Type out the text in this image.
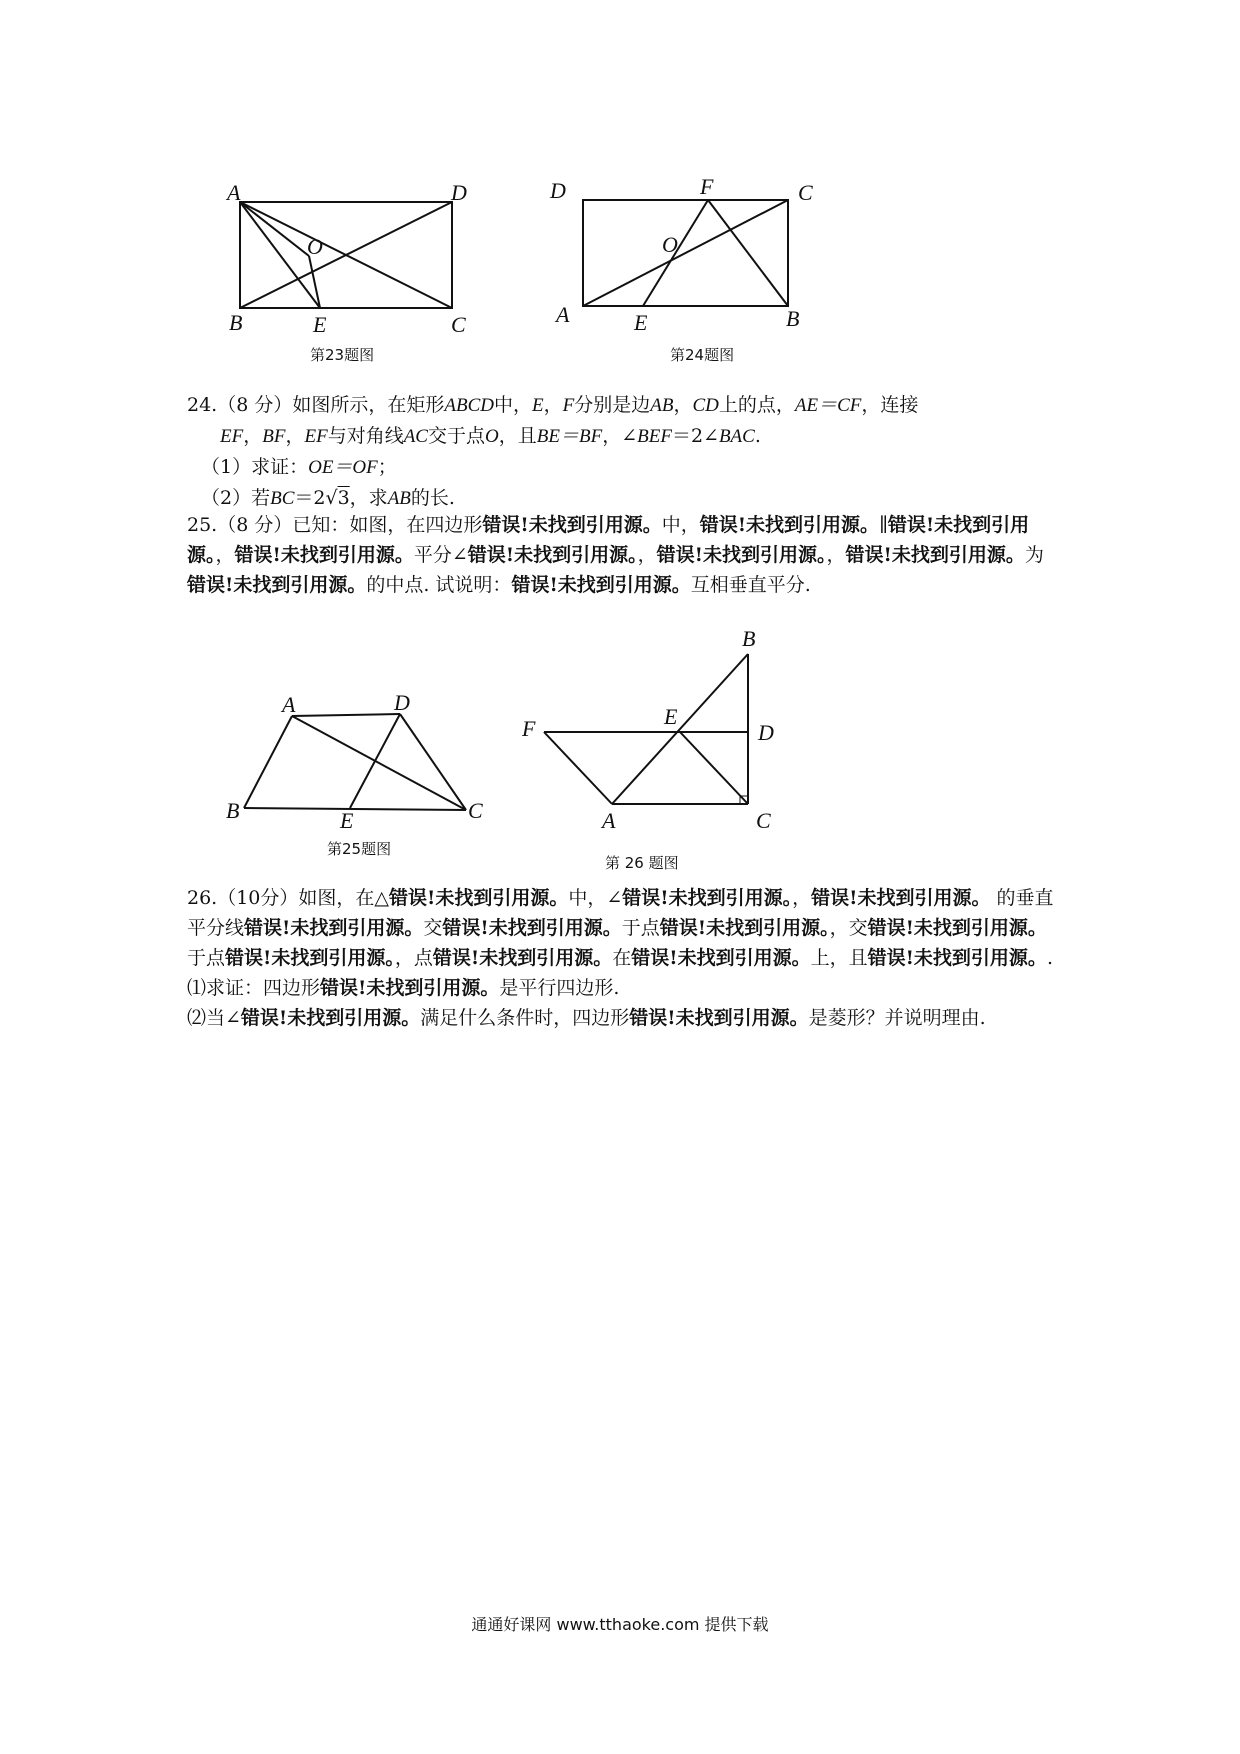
A	D
O
B	E	C
第23题图
D	F	C
O
A	E	B
第24题图

24.（8 分）如图所示，在矩形ABCD中，E，F分别是边AB，CD上的点，AE＝CF，连接

EF，BF，EF与对角线AC交于点O，且BE＝BF，∠BEF＝2∠BAC.

（1）求证：OE＝OF；

（2）若BC＝2√3，求AB的长.

25.（8 分）已知：如图，在四边形错误!未找到引用源。中，错误!未找到引用源。∥错误!未找到引用源。，错误!未找到引用源。平分∠错误!未找到引用源。，错误!未找到引用源。，错误!未找到引用源。为错误!未找到引用源。的中点. 试说明：错误!未找到引用源。互相垂直平分.

A	D
B	E	C
第25题图
B
F	E
D
A	C
第 26 题图

26.（10分）如图，在△错误!未找到引用源。中，∠错误!未找到引用源。，错误!未找到引用源。 的垂直平分线错误!未找到引用源。交错误!未找到引用源。于点错误!未找到引用源。，交错误!未找到引用源。于点错误!未找到引用源。，点错误!未找到引用源。在错误!未找到引用源。上，且错误!未找到引用源。.

⑴求证：四边形错误!未找到引用源。是平行四边形.

⑵当∠错误!未找到引用源。满足什么条件时，四边形错误!未找到引用源。是菱形？并说明理由.

通通好课网 www.tthaoke.com 提供下载
